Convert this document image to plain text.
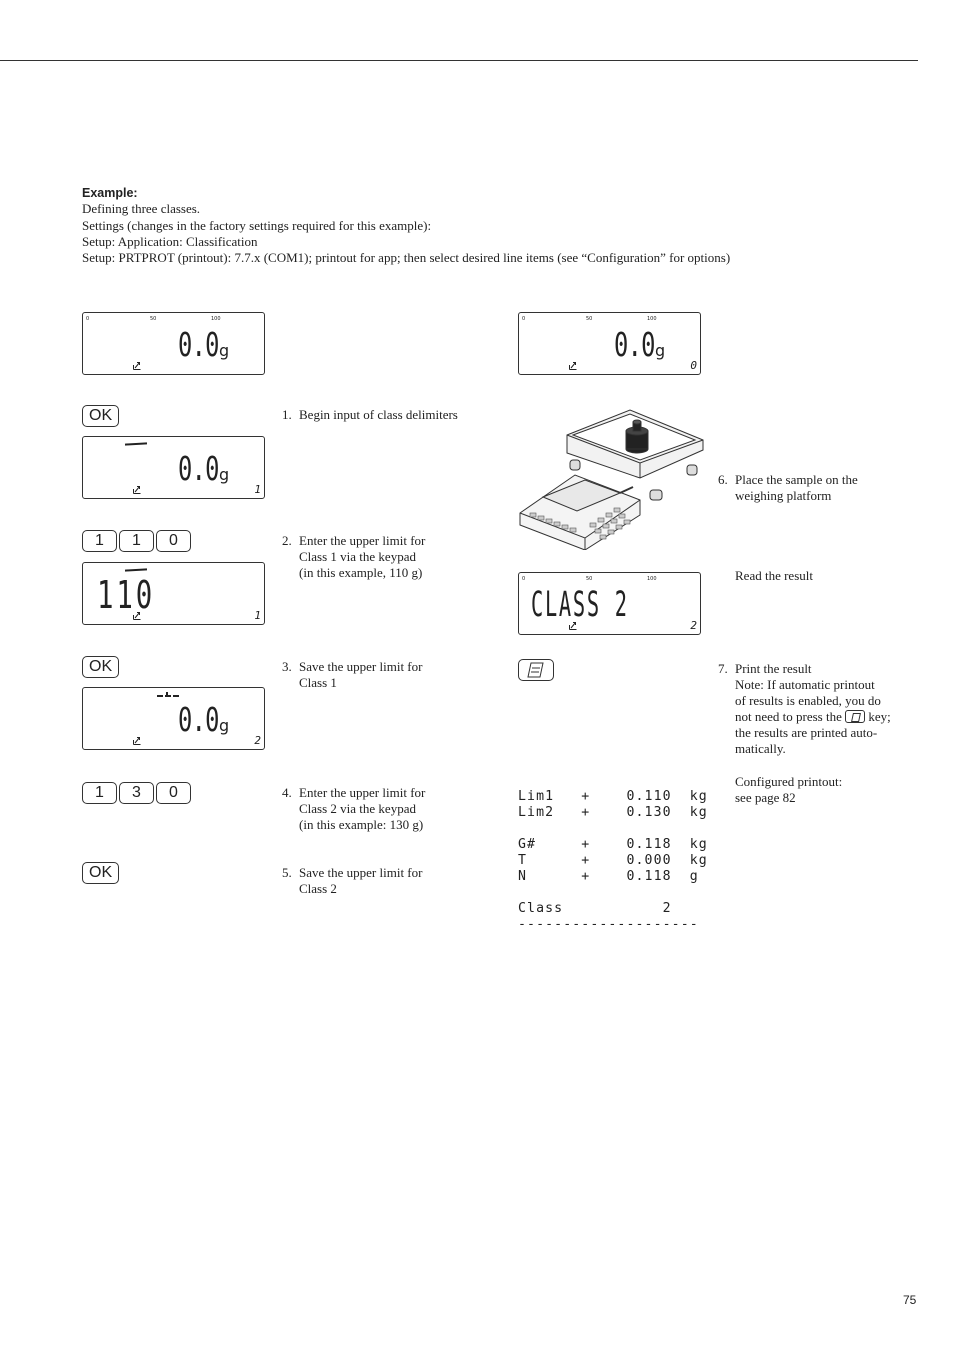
Example:
Defining three classes.
Settings (changes in the factory settings required for this example):
Setup: Application: Classification
Setup: PRTPROT (printout): 7.7.x (COM1); printout for app; then select desired line items (see “Configuration” for options)
0	50	100
0.0 g
OK	1. Begin input of class delimiters
0.0 g
1
1	1	0	2. Enter the upper limit for
Class 1 via the keypad
(in this example, 110 g)
110	1
OK	3. Save the upper limit for
Class 1
0.0 g
2
1	3	0	4. Enter the upper limit for
Class 2 via the keypad
(in this example: 130 g)
OK	5. Save the upper limit for
Class 2
0	50	100
0.0 g
0
6. Place the sample on the
weighing platform
0	50	100
CLASS 2
2
Read the result
7. Print the result
Note: If automatic printout
of results is enabled, you do
not need to press the key;
the results are printed auto-
matically.

Lim1   +    0.110  kg
Lim2   +    0.130  kg

G#     +    0.118  kg
T      +    0.000  kg
N      +    0.118  g

Class           2
--------------------

Configured printout:
see page 82
75
